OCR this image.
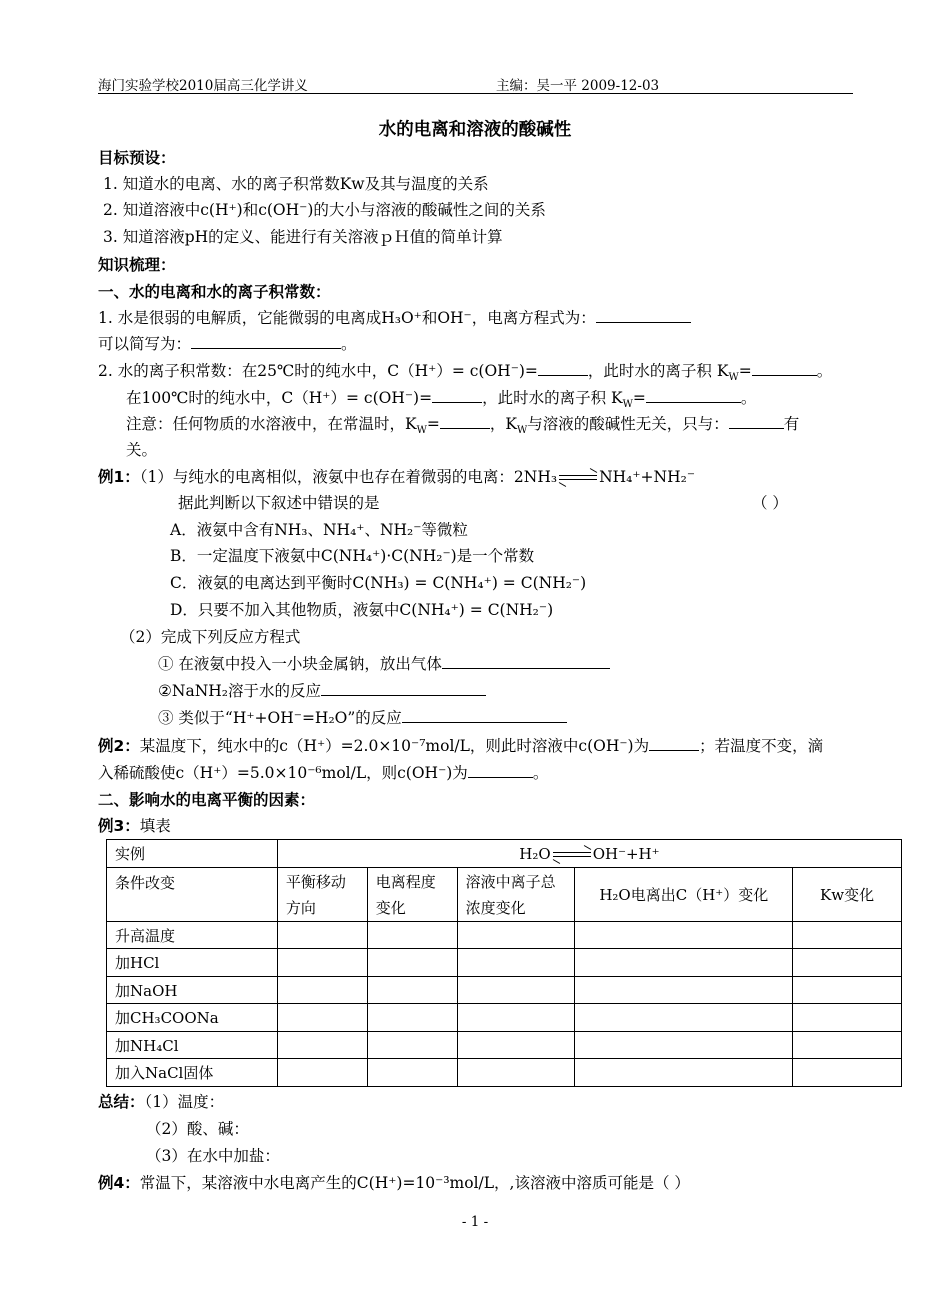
海门实验学校2010届高三化学讲义	主编：吴一平 2009-12-03
水的电离和溶液的酸碱性
目标预设：
1. 知道水的电离、水的离子积常数Kw及其与温度的关系
2. 知道溶液中c(H⁺)和c(OH⁻)的大小与溶液的酸碱性之间的关系
3. 知道溶液pH的定义、能进行有关溶液ｐＨ值的简单计算
知识梳理：
一、水的电离和水的离子积常数：
1. 水是很弱的电解质，它能微弱的电离成H₃O⁺和OH⁻，电离方程式为：
可以简写为：	。
2. 水的离子积常数：在25℃时的纯水中，C（H⁺）= c(OH⁻)=	，此时水的离子积 $K_W=$	。
在100℃时的纯水中，C（H⁺）= c(OH⁻)=	，此时水的离子积 $K_W=$	。
注意：任何物质的水溶液中，在常温时，$K_W=$	，$K_W$与溶液的酸碱性无关，只与：	有
关。
例1：（1）与纯水的电离相似，液氨中也存在着微弱的电离：2NH₃ ⇌ NH₄⁺+NH₂⁻
据此判断以下叙述中错误的是	（ ）
A．液氨中含有NH₃、NH₄⁺、NH₂⁻等微粒
B．一定温度下液氨中C(NH₄⁺)·C(NH₂⁻)是一个常数
C．液氨的电离达到平衡时C(NH₃) = C(NH₄⁺) = C(NH₂⁻)
D．只要不加入其他物质，液氨中C(NH₄⁺) = C(NH₂⁻)
（2）完成下列反应方程式
① 在液氨中投入一小块金属钠，放出气体
②NaNH₂溶于水的反应
③ 类似于“H⁺+OH⁻=H₂O”的反应
例2：某温度下，纯水中的c（H⁺）=2.0×10⁻⁷mol/L，则此时溶液中c(OH⁻)为	；若温度不变，滴
入稀硫酸使c（H⁺）=5.0×10⁻⁶mol/L，则c(OH⁻)为	。
二、影响水的电离平衡的因素：
例3：填表
实例	H₂O ⇌ OH⁻+H⁺				
条件改变	平衡移动方向	电离程度变化	溶液中离子总浓度变化	H₂O电离出C（H⁺）变化	Kw变化
升高温度					
加HCl					
加NaOH					
加CH₃COONa					
加NH₄Cl					
加入NaCl固体					
总结：（1）温度：
（2）酸、碱：
（3）在水中加盐：
例4：常温下，某溶液中水电离产生的C(H⁺)=10⁻³mol/L，,该溶液中溶质可能是（ ）
- 1 -
